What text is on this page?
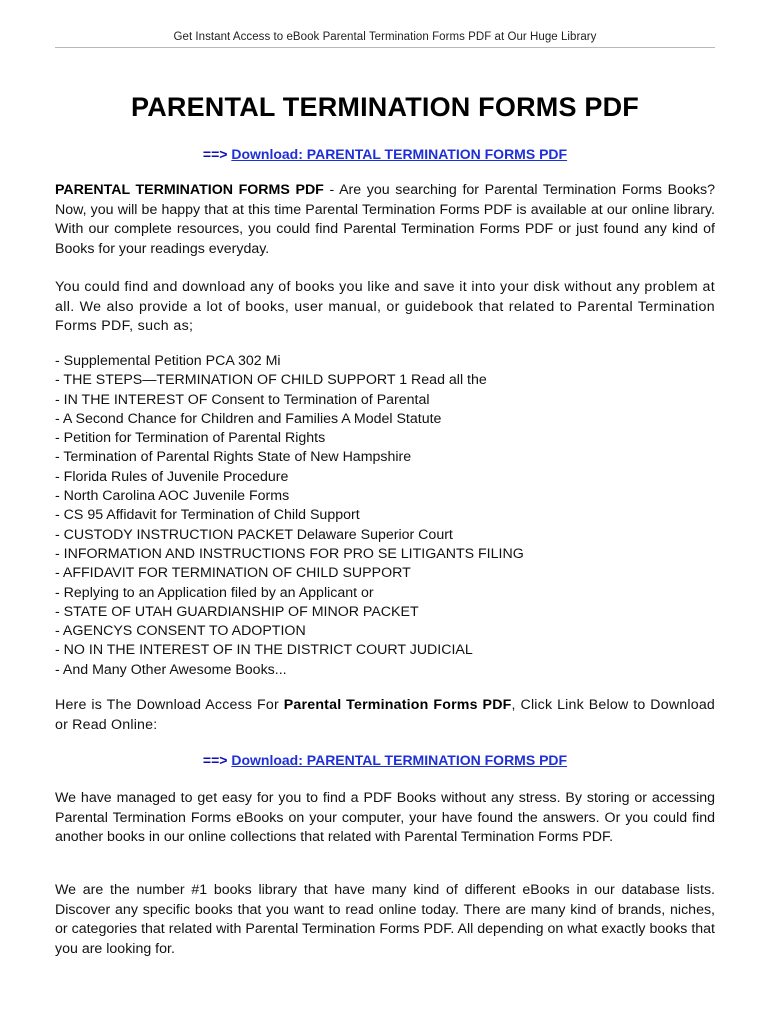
Get Instant Access to eBook Parental Termination Forms PDF at Our Huge Library
PARENTAL TERMINATION FORMS PDF
==> Download: PARENTAL TERMINATION FORMS PDF

PARENTAL TERMINATION FORMS PDF - Are you searching for Parental Termination Forms Books? Now, you will be happy that at this time Parental Termination Forms PDF is available at our online library. With our complete resources, you could find Parental Termination Forms PDF or just found any kind of Books for your readings everyday.

You could find and download any of books you like and save it into your disk without any problem at all. We also provide a lot of books, user manual, or guidebook that related to Parental Termination Forms PDF, such as;

- Supplemental Petition PCA 302 Mi
- THE STEPS—TERMINATION OF CHILD SUPPORT 1 Read all the
- IN THE INTEREST OF Consent to Termination of Parental
- A Second Chance for Children and Families A Model Statute
- Petition for Termination of Parental Rights
- Termination of Parental Rights State of New Hampshire
- Florida Rules of Juvenile Procedure
- North Carolina AOC Juvenile Forms
- CS 95 Affidavit for Termination of Child Support
- CUSTODY INSTRUCTION PACKET Delaware Superior Court
- INFORMATION AND INSTRUCTIONS FOR PRO SE LITIGANTS FILING
- AFFIDAVIT FOR TERMINATION OF CHILD SUPPORT
- Replying to an Application filed by an Applicant or
- STATE OF UTAH GUARDIANSHIP OF MINOR PACKET
- AGENCYS CONSENT TO ADOPTION
- NO IN THE INTEREST OF IN THE DISTRICT COURT JUDICIAL
- And Many Other Awesome Books...

Here is The Download Access For Parental Termination Forms PDF, Click Link Below to Download or Read Online:

==> Download: PARENTAL TERMINATION FORMS PDF

We have managed to get easy for you to find a PDF Books without any stress. By storing or accessing Parental Termination Forms eBooks on your computer, your have found the answers. Or you could find another books in our online collections that related with Parental Termination Forms PDF.

We are the number #1 books library that have many kind of different eBooks in our database lists. Discover any specific books that you want to read online today. There are many kind of brands, niches, or categories that related with Parental Termination Forms PDF. All depending on what exactly books that you are looking for.
